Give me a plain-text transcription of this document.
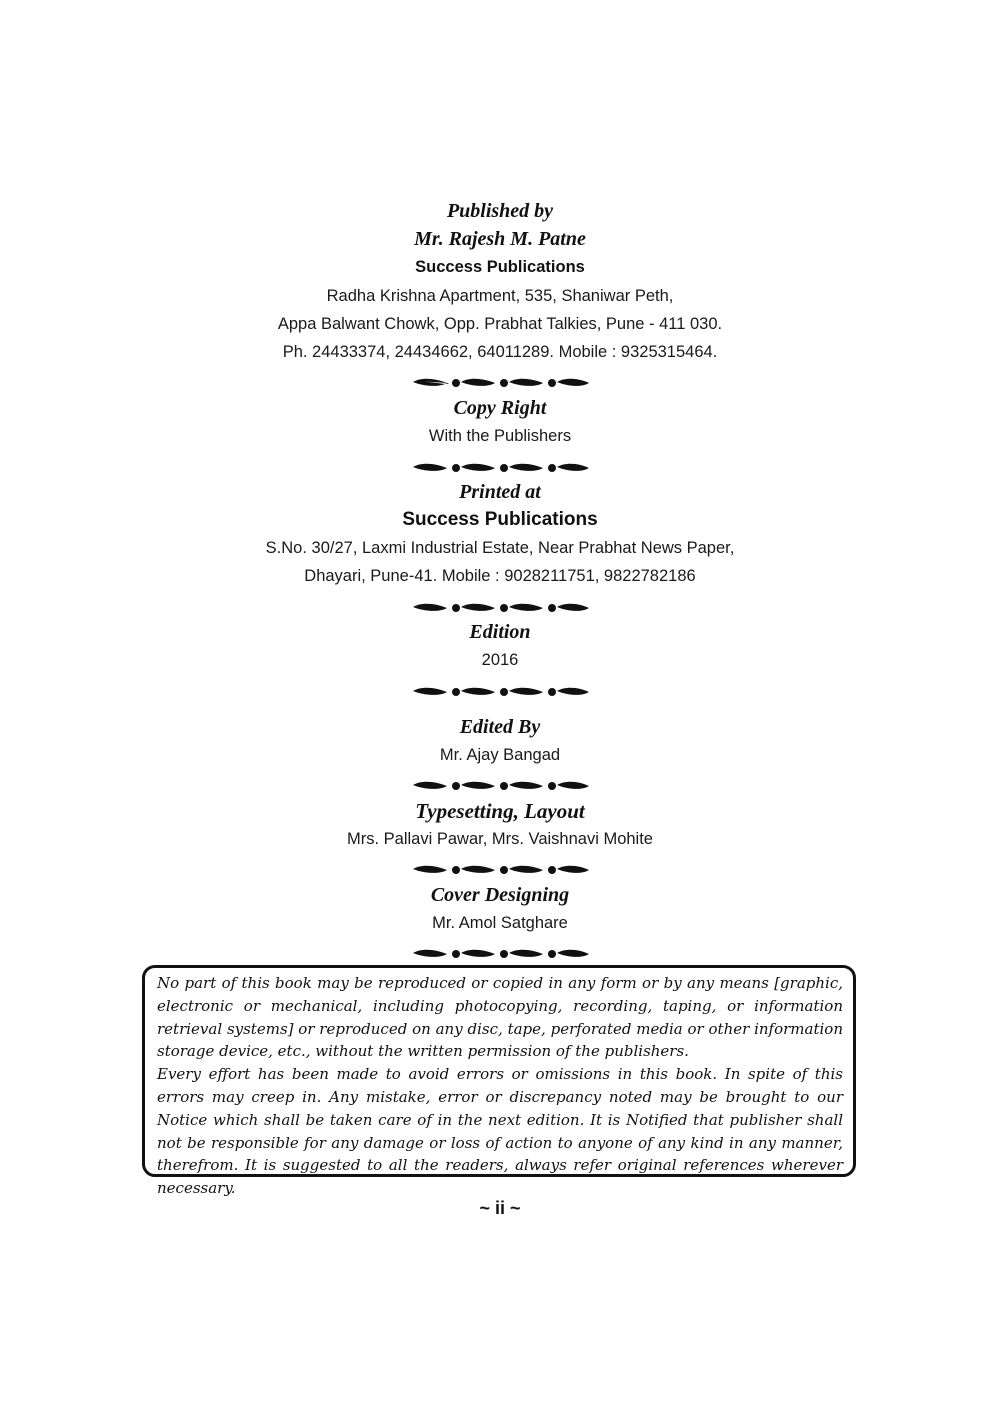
Published by
Mr. Rajesh M. Patne
Success Publications
Radha Krishna Apartment, 535, Shaniwar Peth,
Appa Balwant Chowk, Opp. Prabhat Talkies, Pune - 411 030.
Ph. 24433374, 24434662, 64011289. Mobile : 9325315464.
Copy Right
With the Publishers
Printed at
Success Publications
S.No. 30/27, Laxmi Industrial Estate, Near Prabhat News Paper,
Dhayari, Pune-41. Mobile : 9028211751, 9822782186
Edition
2016
Edited By
Mr. Ajay Bangad
Typesetting, Layout
Mrs. Pallavi Pawar, Mrs. Vaishnavi Mohite
Cover Designing
Mr. Amol Satghare

No part of this book may be reproduced or copied in any form or by any means [graphic, electronic or mechanical, including photocopying, recording, taping, or information retrieval systems] or reproduced on any disc, tape, perforated media or other information storage device, etc., without the written permission of the publishers.

Every effort has been made to avoid errors or omissions in this book. In spite of this errors may creep in. Any mistake, error or discrepancy noted may be brought to our Notice which shall be taken care of in the next edition. It is Notified that publisher shall not be responsible for any damage or loss of action to anyone of any kind in any manner, therefrom. It is suggested to all the readers, always refer original references wherever necessary.

~ ii ~
